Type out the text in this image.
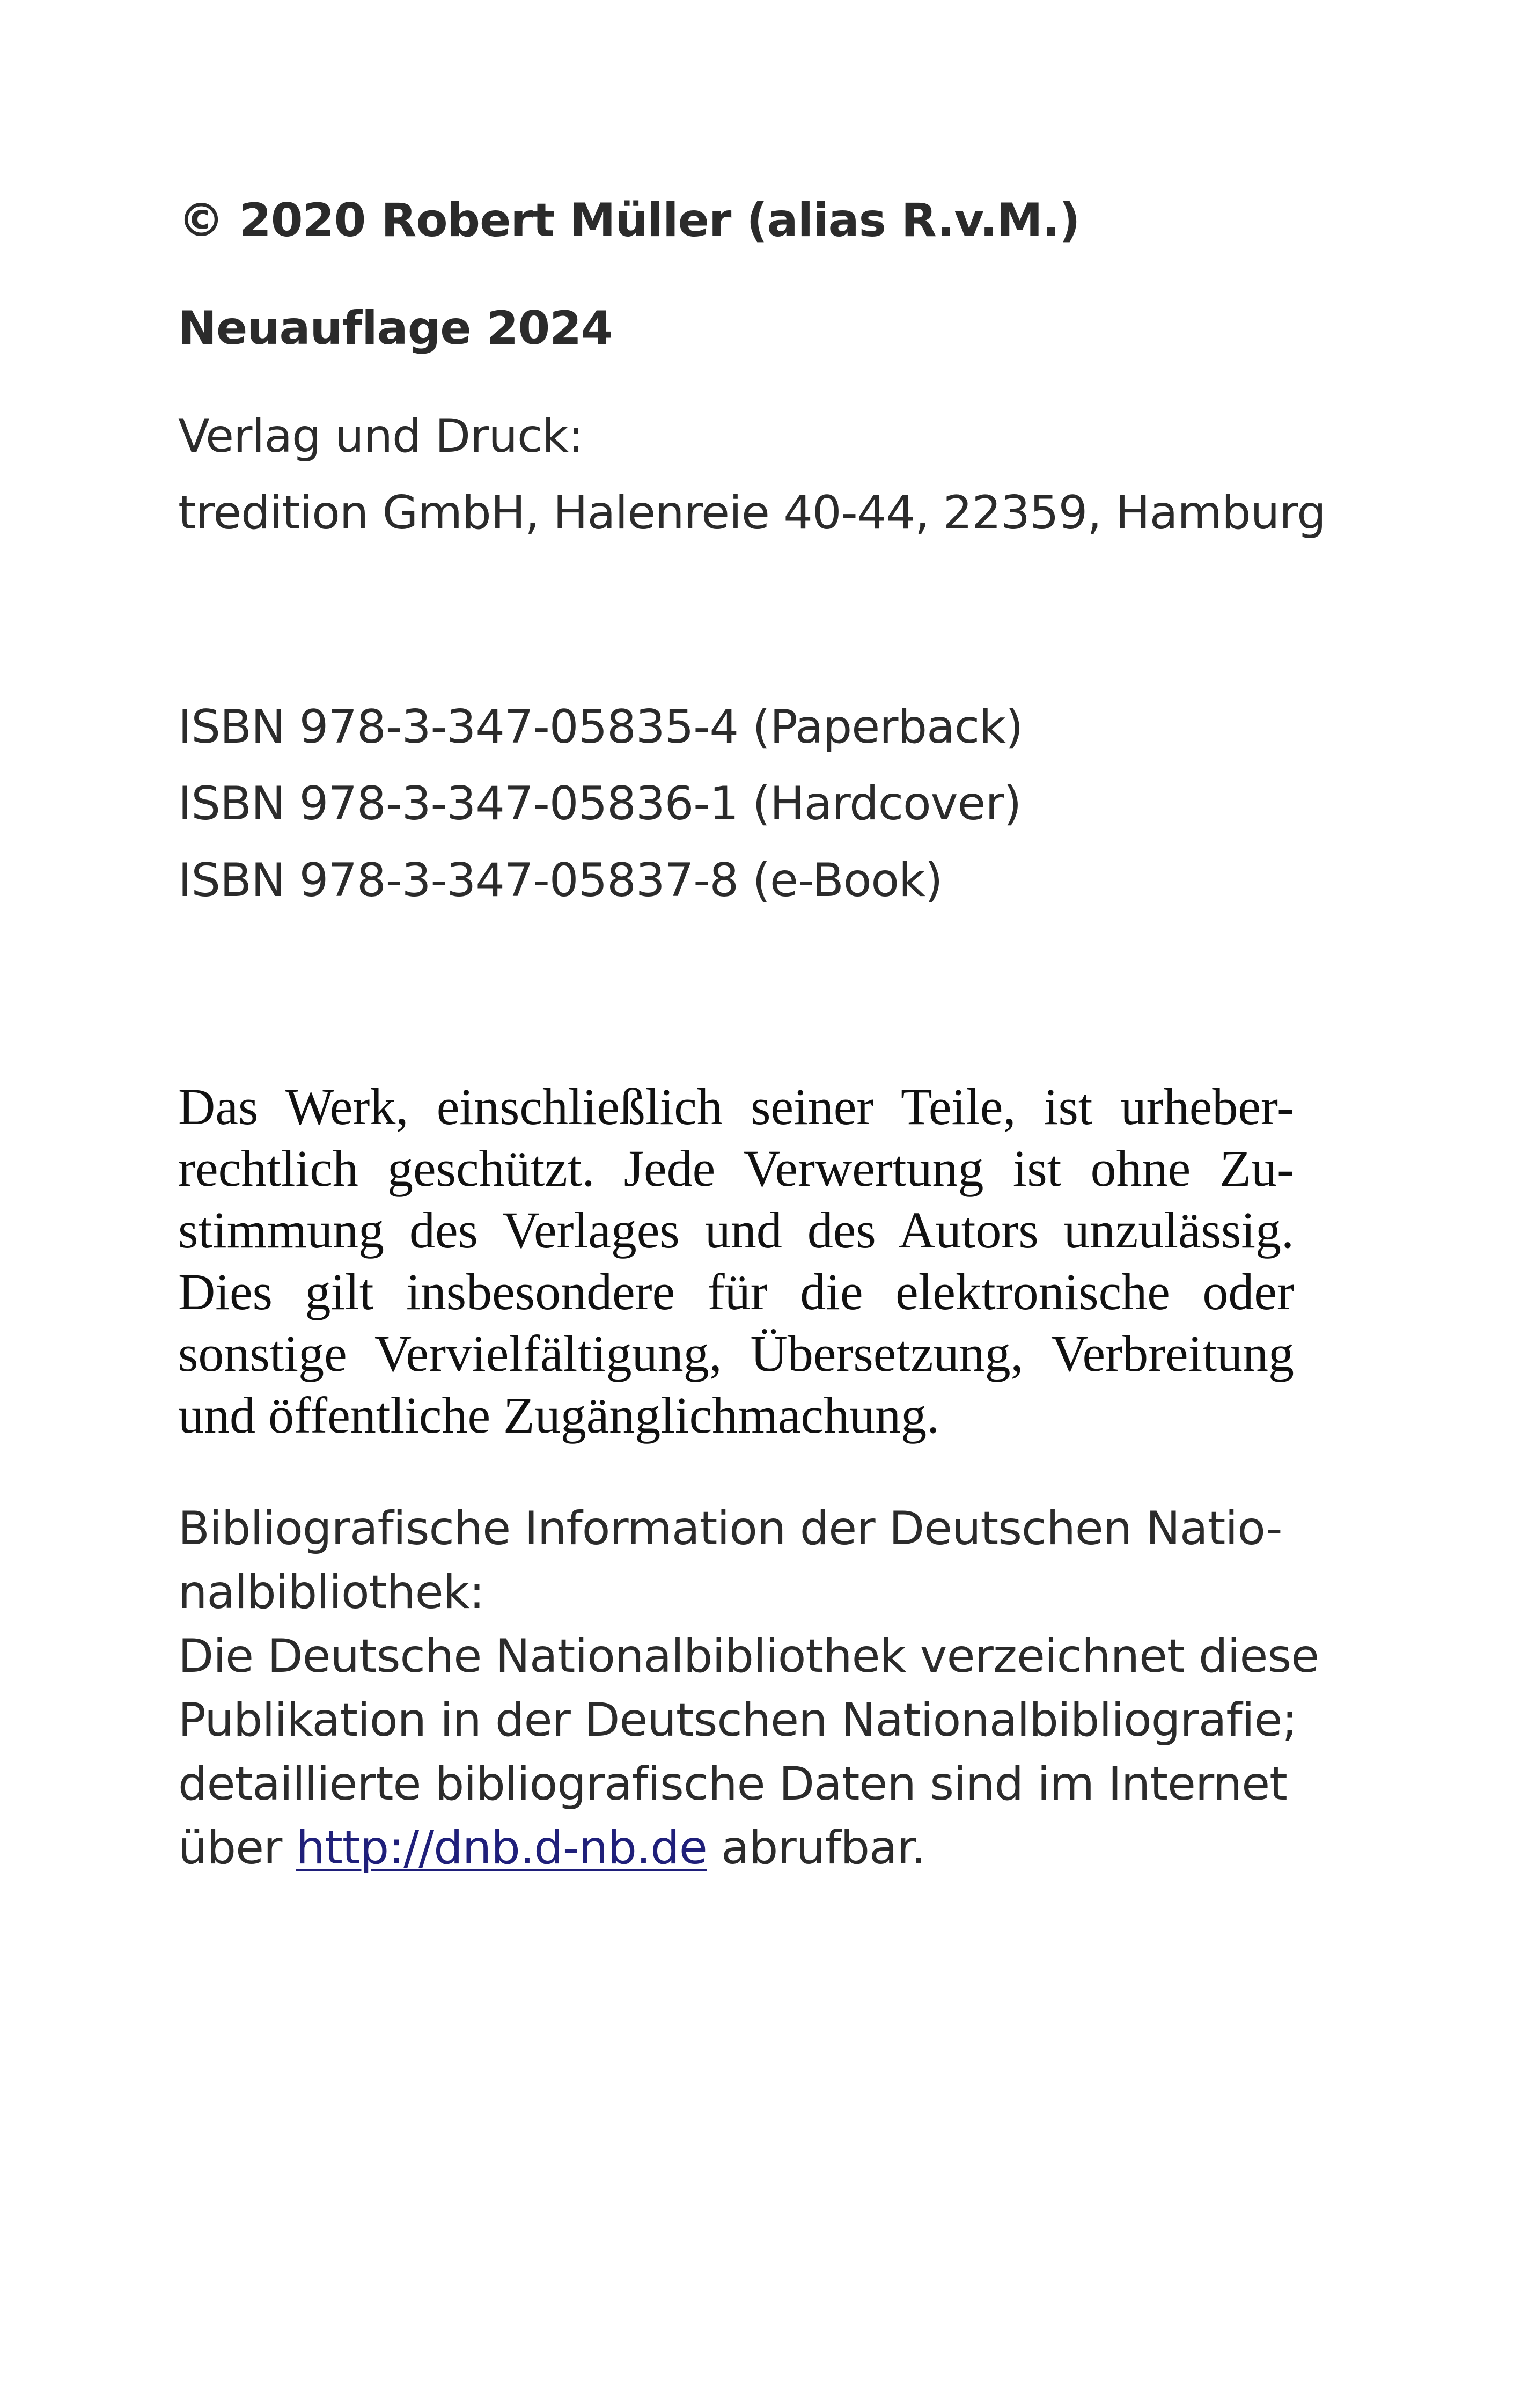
© 2020 Robert Müller (alias R.v.M.)
Neuauflage 2024
Verlag und Druck:
tredition GmbH, Halenreie 40-44, 22359, Hamburg
ISBN 978-3-347-05835-4 (Paperback)
ISBN 978-3-347-05836-1 (Hardcover)
ISBN 978-3-347-05837-8 (e-Book)
Das Werk, einschließlich seiner Teile, ist urheber-
rechtlich geschützt. Jede Verwertung ist ohne Zu-
stimmung des Verlages und des Autors unzulässig.
Dies gilt insbesondere für die elektronische oder
sonstige Vervielfältigung, Übersetzung, Verbreitung
und öffentliche Zugänglichmachung.
Bibliografische Information der Deutschen Natio-
nalbibliothek:
Die Deutsche Nationalbibliothek verzeichnet diese
Publikation in der Deutschen Nationalbibliografie;
detaillierte bibliografische Daten sind im Internet
über http://dnb.d-nb.de abrufbar.
